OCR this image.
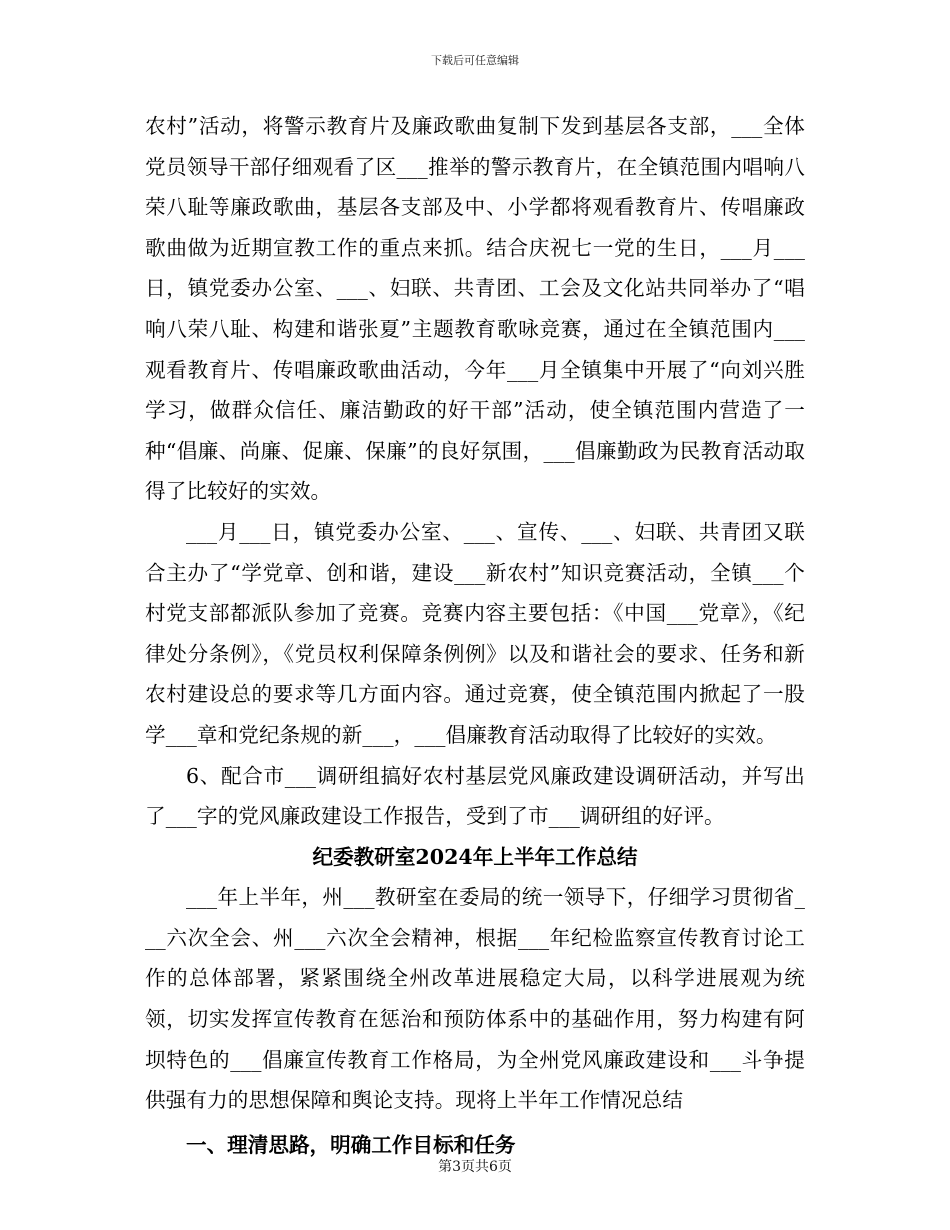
下载后可任意编辑

农村”活动，将警示教育片及廉政歌曲复制下发到基层各支部，___全体党员领导干部仔细观看了区___推举的警示教育片，在全镇范围内唱响八荣八耻等廉政歌曲，基层各支部及中、小学都将观看教育片、传唱廉政歌曲做为近期宣教工作的重点来抓。结合庆祝七一党的生日，___月___日，镇党委办公室、___、妇联、共青团、工会及文化站共同举办了“唱响八荣八耻、构建和谐张夏”主题教育歌咏竞赛，通过在全镇范围内___观看教育片、传唱廉政歌曲活动，今年___月全镇集中开展了“向刘兴胜学习，做群众信任、廉洁勤政的好干部”活动，使全镇范围内营造了一种“倡廉、尚廉、促廉、保廉”的良好氛围，___倡廉勤政为民教育活动取得了比较好的实效。

___月___日，镇党委办公室、___、宣传、___、妇联、共青团又联合主办了“学党章、创和谐，建设___新农村”知识竞赛活动，全镇___个村党支部都派队参加了竞赛。竞赛内容主要包括：《中国___党章》，《纪律处分条例》，《党员权利保障条例例》以及和谐社会的要求、任务和新农村建设总的要求等几方面内容。通过竞赛，使全镇范围内掀起了一股学___章和党纪条规的新___，___倡廉教育活动取得了比较好的实效。

6、配合市___调研组搞好农村基层党风廉政建设调研活动，并写出了___字的党风廉政建设工作报告，受到了市___调研组的好评。

纪委教研室2024年上半年工作总结

___年上半年，州___教研室在委局的统一领导下，仔细学习贯彻省___六次全会、州___六次全会精神，根据___年纪检监察宣传教育讨论工作的总体部署，紧紧围绕全州改革进展稳定大局，以科学进展观为统领，切实发挥宣传教育在惩治和预防体系中的基础作用，努力构建有阿坝特色的___倡廉宣传教育工作格局，为全州党风廉政建设和___斗争提供强有力的思想保障和舆论支持。现将上半年工作情况总结

一、理清思路，明确工作目标和任务
第3页共6页
